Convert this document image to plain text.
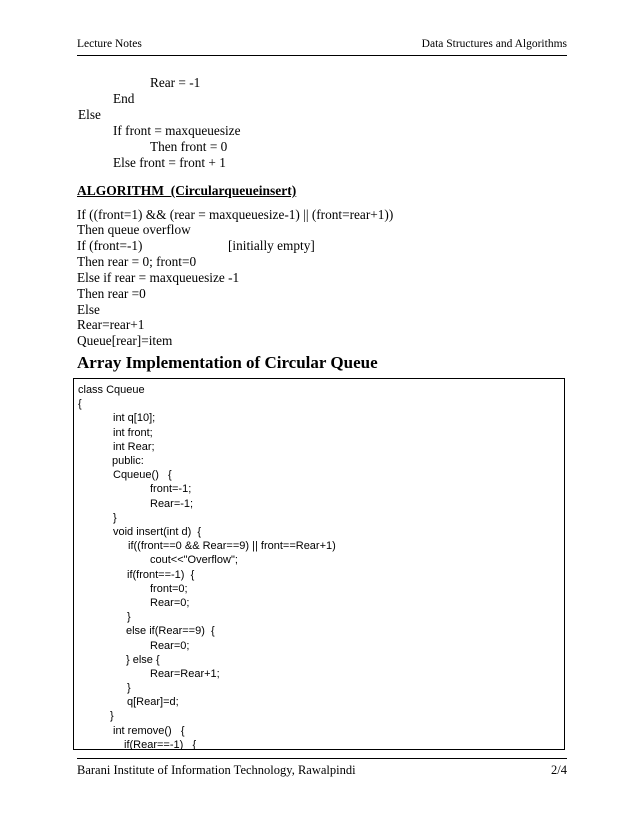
Lecture Notes	Data Structures and Algorithms
Rear = -1
End
Else
If front = maxqueuesize
Then front = 0
Else front = front + 1
ALGORITHM  (Circularqueueinsert)
If ((front=1) && (rear = maxqueuesize-1) || (front=rear+1))
Then queue overflow
If (front=-1)	[initially empty]
Then rear = 0; front=0
Else if rear = maxqueuesize -1
Then rear =0
Else
Rear=rear+1
Queue[rear]=item
Array Implementation of Circular Queue
class Cqueue
{
int q[10];
int front;
int Rear;
public:
Cqueue()   {
front=-1;
Rear=-1;
}
void insert(int d)  {
if((front==0 && Rear==9) || front==Rear+1)
cout<<"Overflow";
if(front==-1)  {
front=0;
Rear=0;
}
else if(Rear==9)  {
Rear=0;
} else {
Rear=Rear+1;
}
q[Rear]=d;
}
int remove()   {
if(Rear==-1)   {
Barani Institute of Information Technology, Rawalpindi	2/4
